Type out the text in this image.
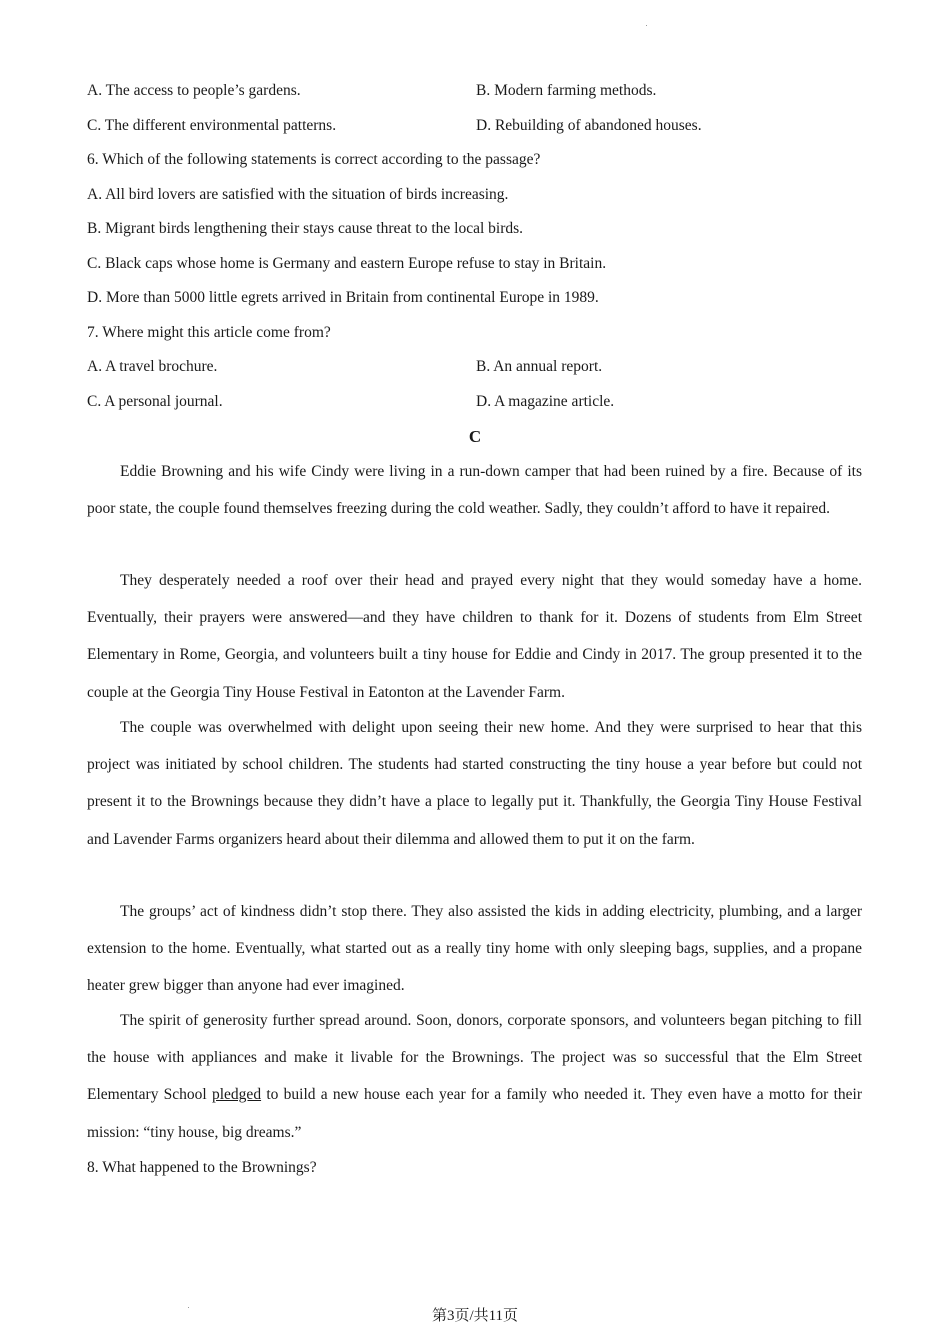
A. The access to people’s gardens.	B. Modern farming methods.
C. The different environmental patterns.	D. Rebuilding of abandoned houses.
6. Which of the following statements is correct according to the passage?
A. All bird lovers are satisfied with the situation of birds increasing.
B. Migrant birds lengthening their stays cause threat to the local birds.
C. Black caps whose home is Germany and eastern Europe refuse to stay in Britain.
D. More than 5000 little egrets arrived in Britain from continental Europe in 1989.
7. Where might this article come from?
A. A travel brochure.	B. An annual report.
C. A personal journal.	D. A magazine article.
C
Eddie Browning and his wife Cindy were living in a run-down camper that had been ruined by a fire. Because of its poor state, the couple found themselves freezing during the cold weather. Sadly, they couldn’t afford to have it repaired.
They desperately needed a roof over their head and prayed every night that they would someday have a home. Eventually, their prayers were answered—and they have children to thank for it. Dozens of students from Elm Street Elementary in Rome, Georgia, and volunteers built a tiny house for Eddie and Cindy in 2017. The group presented it to the couple at the Georgia Tiny House Festival in Eatonton at the Lavender Farm.
The couple was overwhelmed with delight upon seeing their new home. And they were surprised to hear that this project was initiated by school children. The students had started constructing the tiny house a year before but could not present it to the Brownings because they didn’t have a place to legally put it. Thankfully, the Georgia Tiny House Festival and Lavender Farms organizers heard about their dilemma and allowed them to put it on the farm.
The groups’ act of kindness didn’t stop there. They also assisted the kids in adding electricity, plumbing, and a larger extension to the home. Eventually, what started out as a really tiny home with only sleeping bags, supplies, and a propane heater grew bigger than anyone had ever imagined.
The spirit of generosity further spread around. Soon, donors, corporate sponsors, and volunteers began pitching to fill the house with appliances and make it livable for the Brownings. The project was so successful that the Elm Street Elementary School pledged to build a new house each year for a family who needed it. They even have a motto for their mission: “tiny house, big dreams.”
8. What happened to the Brownings?
第3页/共11页
